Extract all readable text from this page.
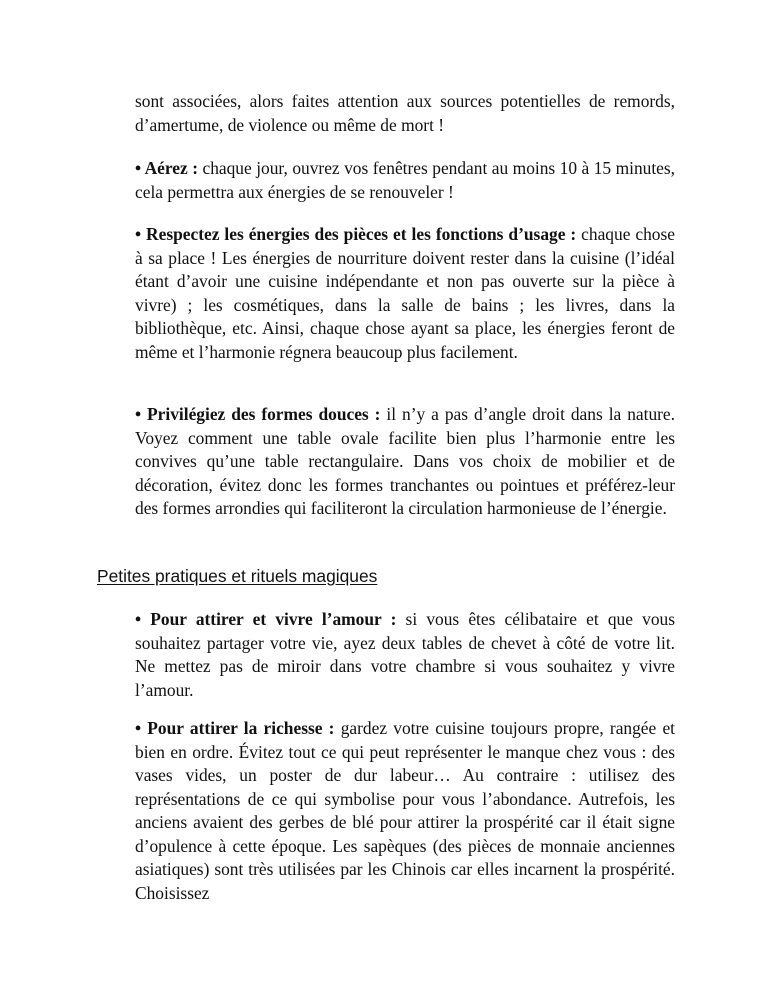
sont associées, alors faites attention aux sources potentielles de remords, d’amertume, de violence ou même de mort !

• Aérez : chaque jour, ouvrez vos fenêtres pendant au moins 10 à 15 minutes, cela permettra aux énergies de se renouveler !

• Respectez les énergies des pièces et les fonctions d’usage : chaque chose à sa place ! Les énergies de nourriture doivent rester dans la cuisine (l’idéal étant d’avoir une cuisine indépendante et non pas ouverte sur la pièce à vivre) ; les cosmétiques, dans la salle de bains ; les livres, dans la bibliothèque, etc. Ainsi, chaque chose ayant sa place, les énergies feront de même et l’harmonie régnera beaucoup plus facilement.

• Privilégiez des formes douces : il n’y a pas d’angle droit dans la nature. Voyez comment une table ovale facilite bien plus l’harmonie entre les convives qu’une table rectangulaire. Dans vos choix de mobilier et de décoration, évitez donc les formes tranchantes ou pointues et préférez-leur des formes arrondies qui faciliteront la circulation harmonieuse de l’énergie.

Petites pratiques et rituels magiques

• Pour attirer et vivre l’amour : si vous êtes célibataire et que vous souhaitez partager votre vie, ayez deux tables de chevet à côté de votre lit. Ne mettez pas de miroir dans votre chambre si vous souhaitez y vivre l’amour.

• Pour attirer la richesse : gardez votre cuisine toujours propre, rangée et bien en ordre. Évitez tout ce qui peut représenter le manque chez vous : des vases vides, un poster de dur labeur… Au contraire : utilisez des représentations de ce qui symbolise pour vous l’abondance. Autrefois, les anciens avaient des gerbes de blé pour attirer la prospérité car il était signe d’opulence à cette époque. Les sapèques (des pièces de monnaie anciennes asiatiques) sont très utilisées par les Chinois car elles incarnent la prospérité. Choisissez
